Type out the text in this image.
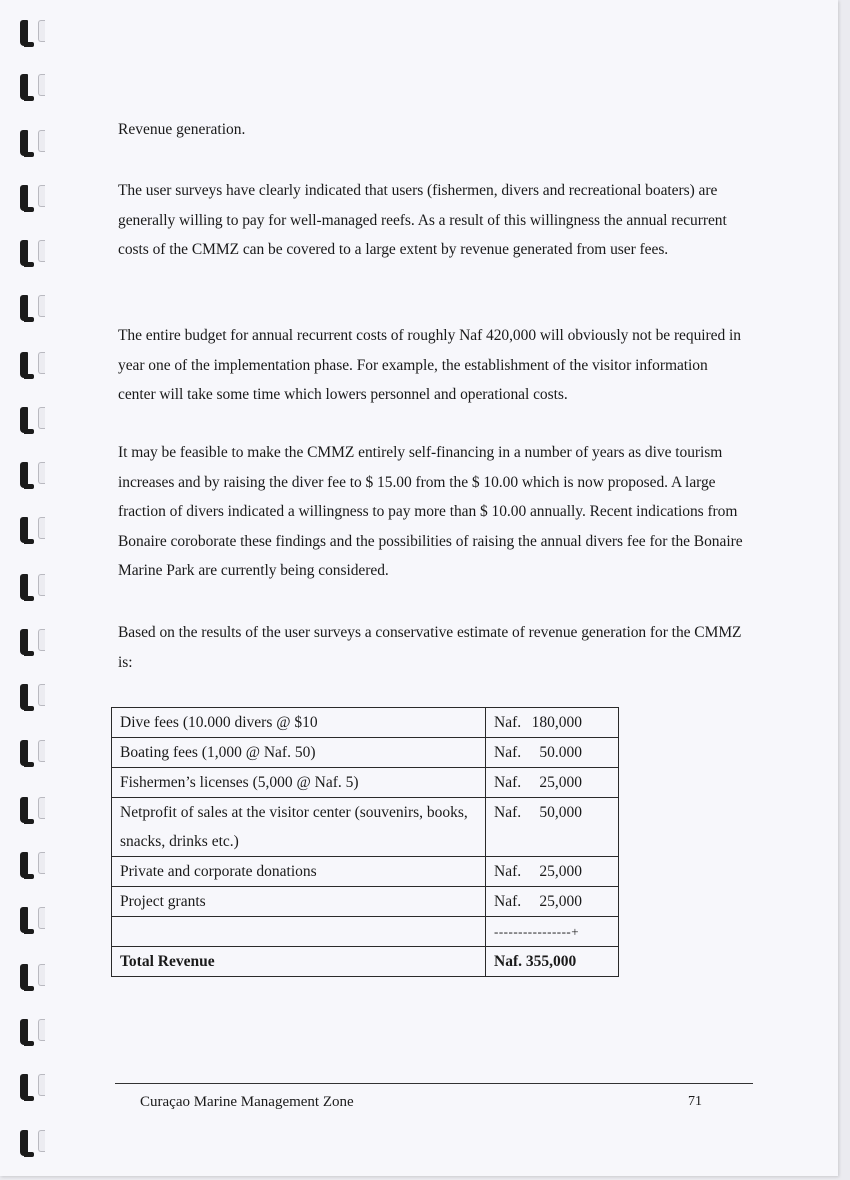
Revenue generation.

The user surveys have clearly indicated that users (fishermen, divers and recreational boaters) are generally willing to pay for well-managed reefs. As a result of this willingness the annual recurrent costs of the CMMZ can be covered to a large extent by revenue generated from user fees.

The entire budget for annual recurrent costs of roughly Naf 420,000 will obviously not be required in year one of the implementation phase. For example, the establishment of the visitor information center will take some time which lowers personnel and operational costs.

It may be feasible to make the CMMZ entirely self-financing in a number of years as dive tourism increases and by raising the diver fee to $ 15.00 from the $ 10.00 which is now proposed. A large fraction of divers indicated a willingness to pay more than $ 10.00 annually. Recent indications from Bonaire coroborate these findings and the possibilities of raising the annual divers fee for the Bonaire Marine Park are currently being considered.

Based on the results of the user surveys a conservative estimate of revenue generation for the CMMZ is:

Dive fees (10.000 divers @ $10	Naf. 180,000
Boating fees (1,000 @ Naf. 50)	Naf. 50.000
Fishermen’s licenses (5,000 @ Naf. 5)	Naf. 25,000
Netprofit of sales at the visitor center (souvenirs, books, snacks, drinks etc.)	Naf. 50,000
Private and corporate donations	Naf. 25,000
Project grants	Naf. 25,000
	----------------+
Total Revenue	Naf. 355,000
Curaçao Marine Management Zone	71
